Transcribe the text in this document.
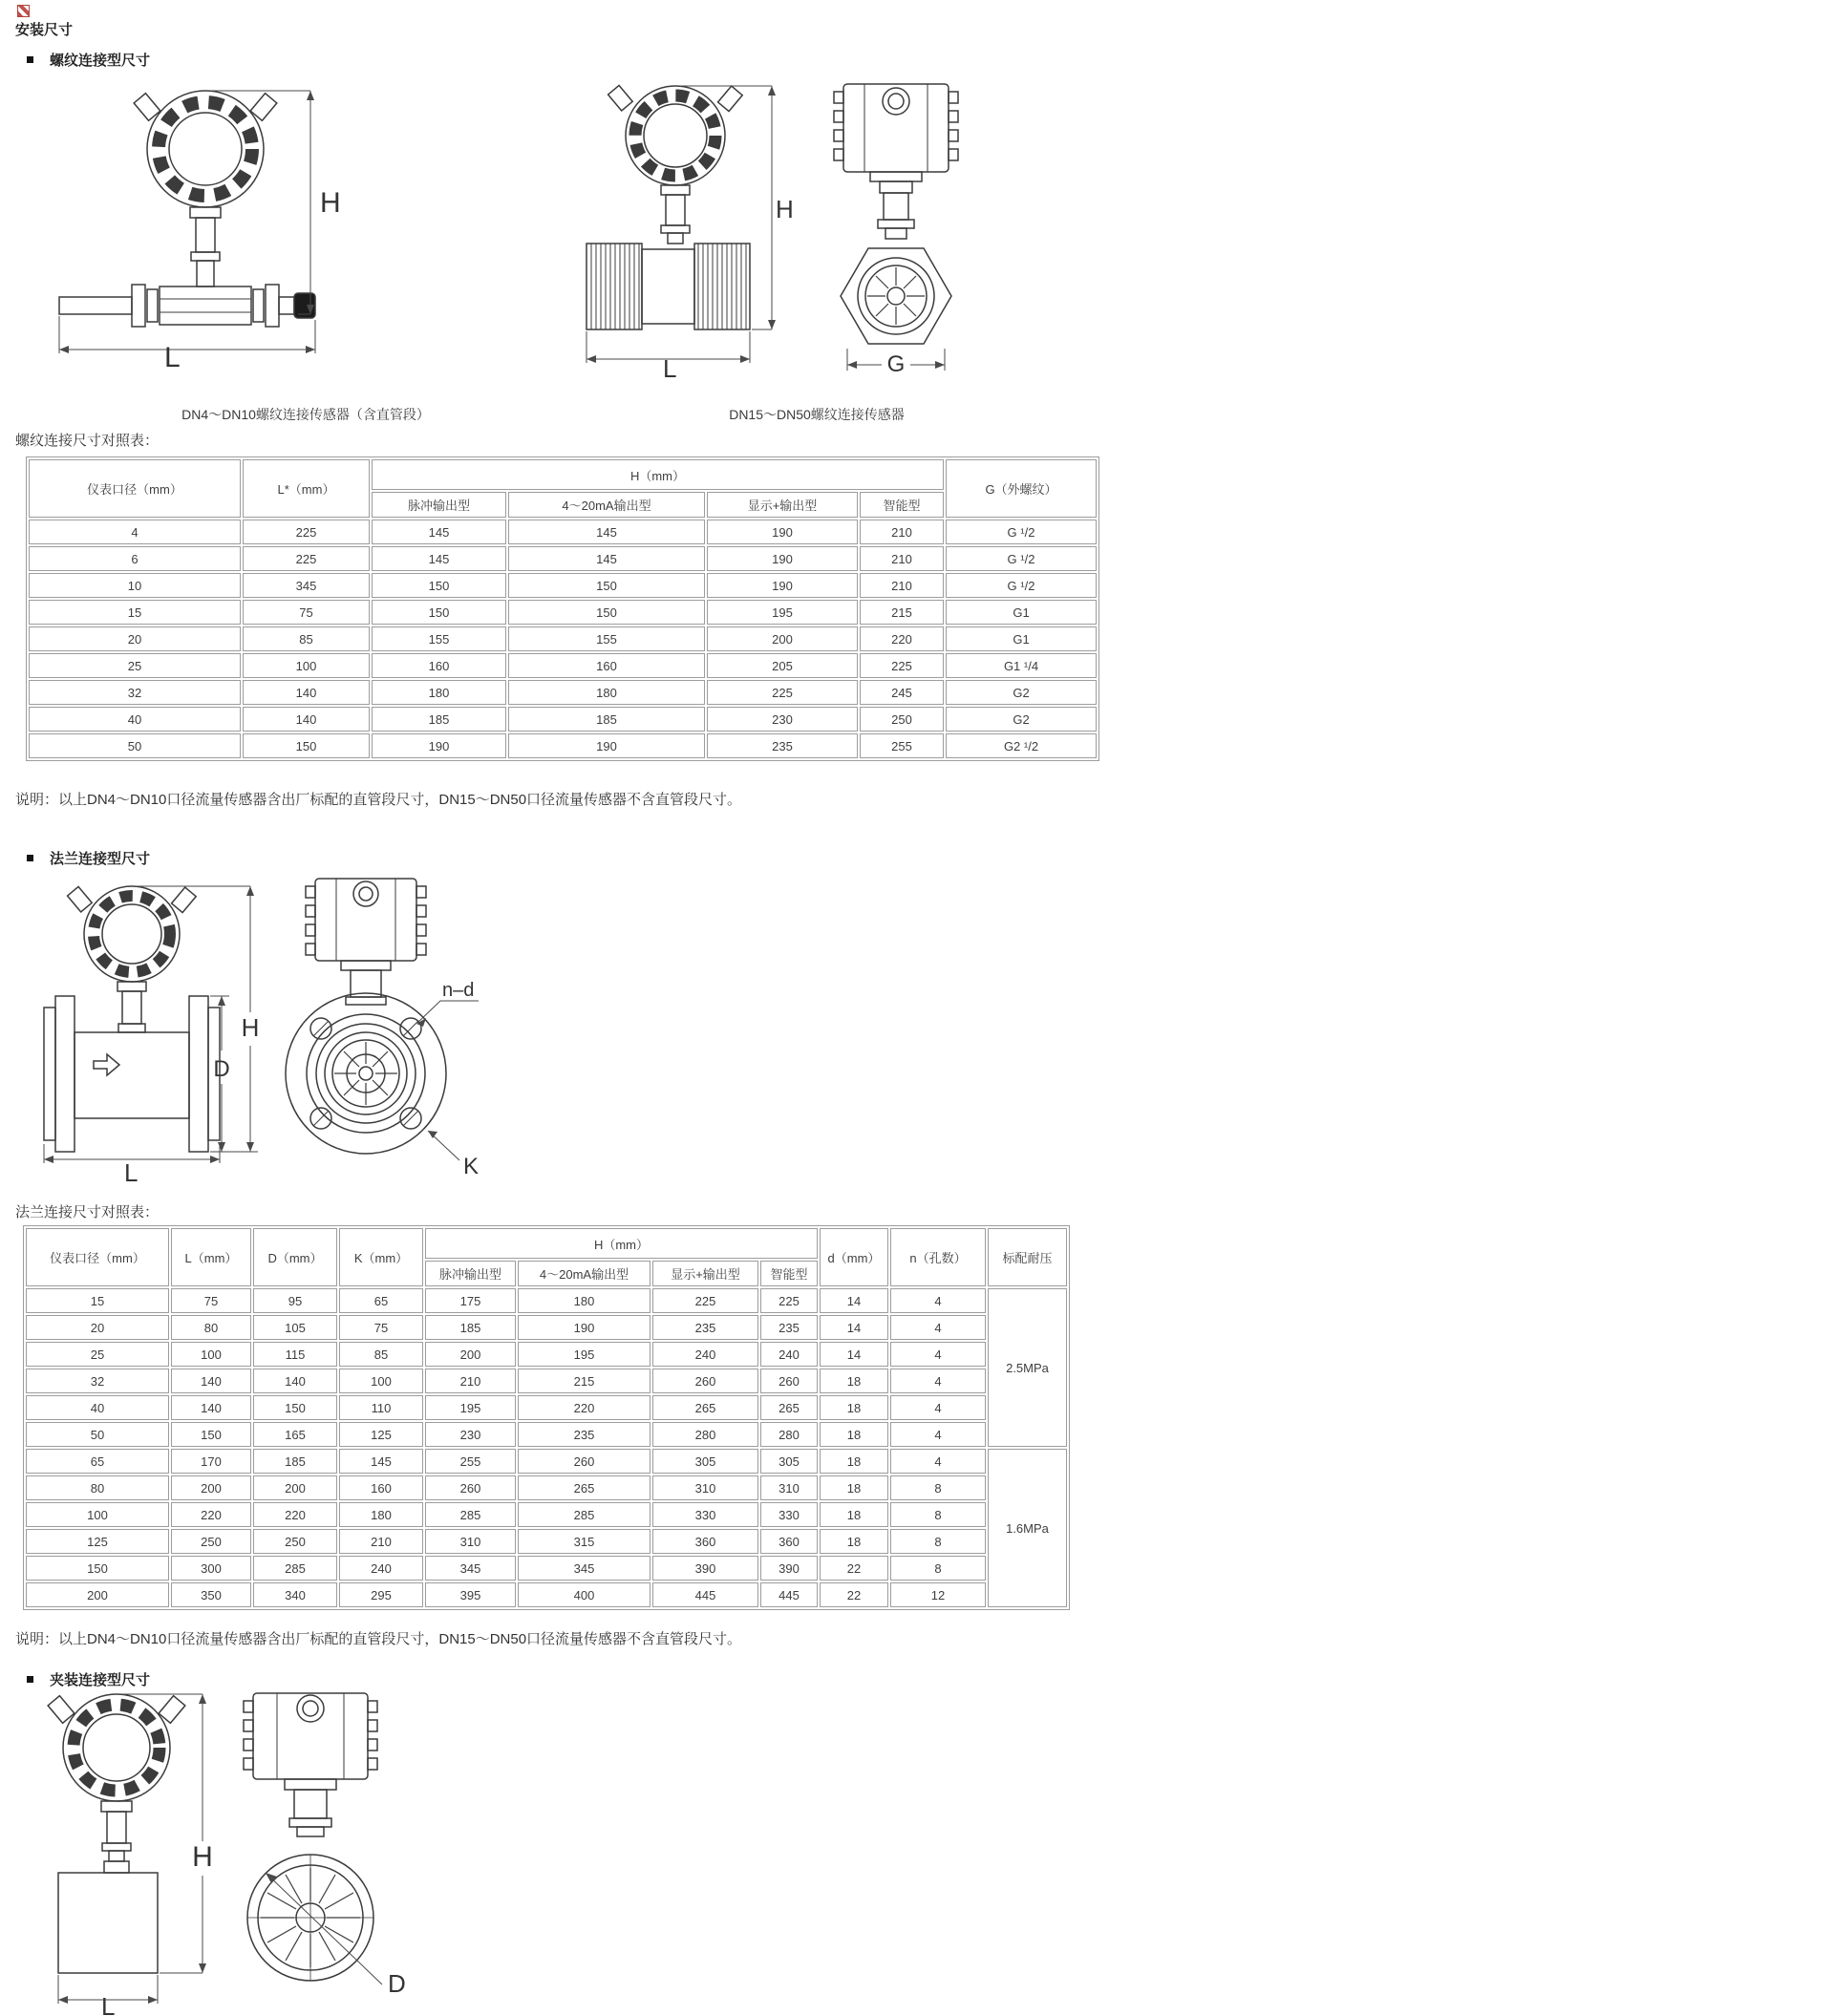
安装尺寸
螺纹连接型尺寸
H
L
H
L	G
DN4～DN10螺纹连接传感器（含直管段）	DN15～DN50螺纹连接传感器
螺纹连接尺寸对照表：
仪表口径（mm）	L*（mm）	H（mm）				G（外螺纹）
		脉冲输出型	4～20mA输出型	显示+输出型	智能型	
4	225	145	145	190	210	G ¹/2
6	225	145	145	190	210	G ¹/2
10	345	150	150	190	210	G ¹/2
15	75	150	150	195	215	G1
20	85	155	155	200	220	G1
25	100	160	160	205	225	G1 ¹/4
32	140	180	180	225	245	G2
40	140	185	185	230	250	G2
50	150	190	190	235	255	G2 ¹/2
说明：以上DN4～DN10口径流量传感器含出厂标配的直管段尺寸，DN15～DN50口径流量传感器不含直管段尺寸。
法兰连接型尺寸
D
H
L
n–d
K
法兰连接尺寸对照表：
仪表口径（mm）	L（mm）	D（mm）	K（mm）	H（mm）				d（mm）	n（孔数）	标配耐压
				脉冲输出型	4～20mA输出型	显示+输出型	智能型			
15	75	95	65	175	180	225	225	14	4	2.5MPa
20	80	105	75	185	190	235	235	14	4	
25	100	115	85	200	195	240	240	14	4	
32	140	140	100	210	215	260	260	18	4	
40	140	150	110	195	220	265	265	18	4	
50	150	165	125	230	235	280	280	18	4	
65	170	185	145	255	260	305	305	18	4	1.6MPa
80	200	200	160	260	265	310	310	18	8	
100	220	220	180	285	285	330	330	18	8	
125	250	250	210	310	315	360	360	18	8	
150	300	285	240	345	345	390	390	22	8	
200	350	340	295	395	400	445	445	22	12	
说明：以上DN4～DN10口径流量传感器含出厂标配的直管段尺寸，DN15～DN50口径流量传感器不含直管段尺寸。
夹装连接型尺寸
H
L
D
